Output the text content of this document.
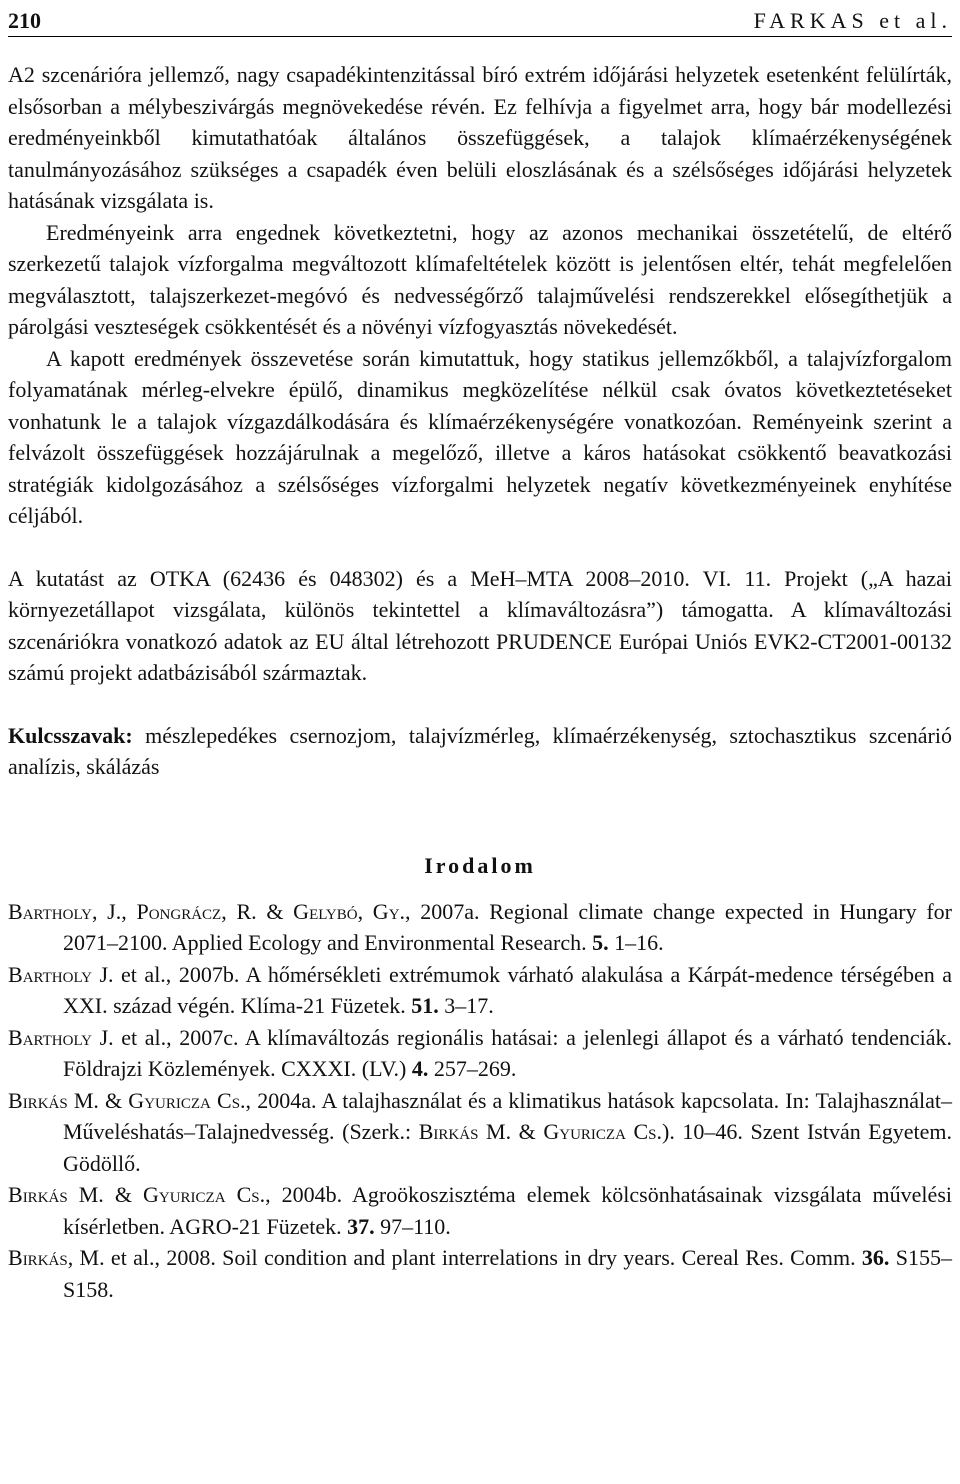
210	FARKAS et al.

A2 szcenárióra jellemző, nagy csapadékintenzitással bíró extrém időjárási helyzetek esetenként felülírták, elsősorban a mélybeszivárgás megnövekedése révén. Ez felhívja a figyelmet arra, hogy bár modellezési eredményeinkből kimutathatóak általános összefüggések, a talajok klímaérzékenységének tanulmányozásához szükséges a csapadék éven belüli eloszlásának és a szélsőséges időjárási helyzetek hatásának vizsgálata is.

Eredményeink arra engednek következtetni, hogy az azonos mechanikai összetételű, de eltérő szerkezetű talajok vízforgalma megváltozott klímafeltételek között is jelentősen eltér, tehát megfelelően megválasztott, talajszerkezet-megóvó és nedvességőrző talajművelési rendszerekkel elősegíthetjük a párolgási veszteségek csökkentését és a növényi vízfogyasztás növekedését.

A kapott eredmények összevetése során kimutattuk, hogy statikus jellemzőkből, a talajvízforgalom folyamatának mérleg-elvekre épülő, dinamikus megközelítése nélkül csak óvatos következtetéseket vonhatunk le a talajok vízgazdálkodására és klímaérzékenységére vonatkozóan. Reményeink szerint a felvázolt összefüggések hozzájárulnak a megelőző, illetve a káros hatásokat csökkentő beavatkozási stratégiák kidolgozásához a szélsőséges vízforgalmi helyzetek negatív következményeinek enyhítése céljából.

A kutatást az OTKA (62436 és 048302) és a MeH–MTA 2008–2010. VI. 11. Projekt („A hazai környezetállapot vizsgálata, különös tekintettel a klímaváltozásra”) támogatta. A klímaváltozási szcenáriókra vonatkozó adatok az EU által létrehozott PRUDENCE Európai Uniós EVK2-CT2001-00132 számú projekt adatbázisából származtak.

Kulcsszavak: mészlepedékes csernozjom, talajvízmérleg, klímaérzékenység, sztochasztikus szcenárió analízis, skálázás

Irodalom
Bartholy, J., Pongrácz, R. & Gelybó, Gy., 2007a. Regional climate change expected in Hungary for 2071–2100. Applied Ecology and Environmental Research. 5. 1–16.
Bartholy J. et al., 2007b. A hőmérsékleti extrémumok várható alakulása a Kárpát-medence térségében a XXI. század végén. Klíma-21 Füzetek. 51. 3–17.
Bartholy J. et al., 2007c. A klímaváltozás regionális hatásai: a jelenlegi állapot és a várható tendenciák. Földrajzi Közlemények. CXXXI. (LV.) 4. 257–269.
Birkás M. & Gyuricza Cs., 2004a. A talajhasználat és a klimatikus hatások kapcsolata. In: Talajhasználat–Műveléshatás–Talajnedvesség. (Szerk.: Birkás M. & Gyuricza Cs.). 10–46. Szent István Egyetem. Gödöllő.
Birkás M. & Gyuricza Cs., 2004b. Agroökoszisztéma elemek kölcsönhatásainak vizsgálata művelési kísérletben. AGRO-21 Füzetek. 37. 97–110.
Birkás, M. et al., 2008. Soil condition and plant interrelations in dry years. Cereal Res. Comm. 36. S155–S158.
